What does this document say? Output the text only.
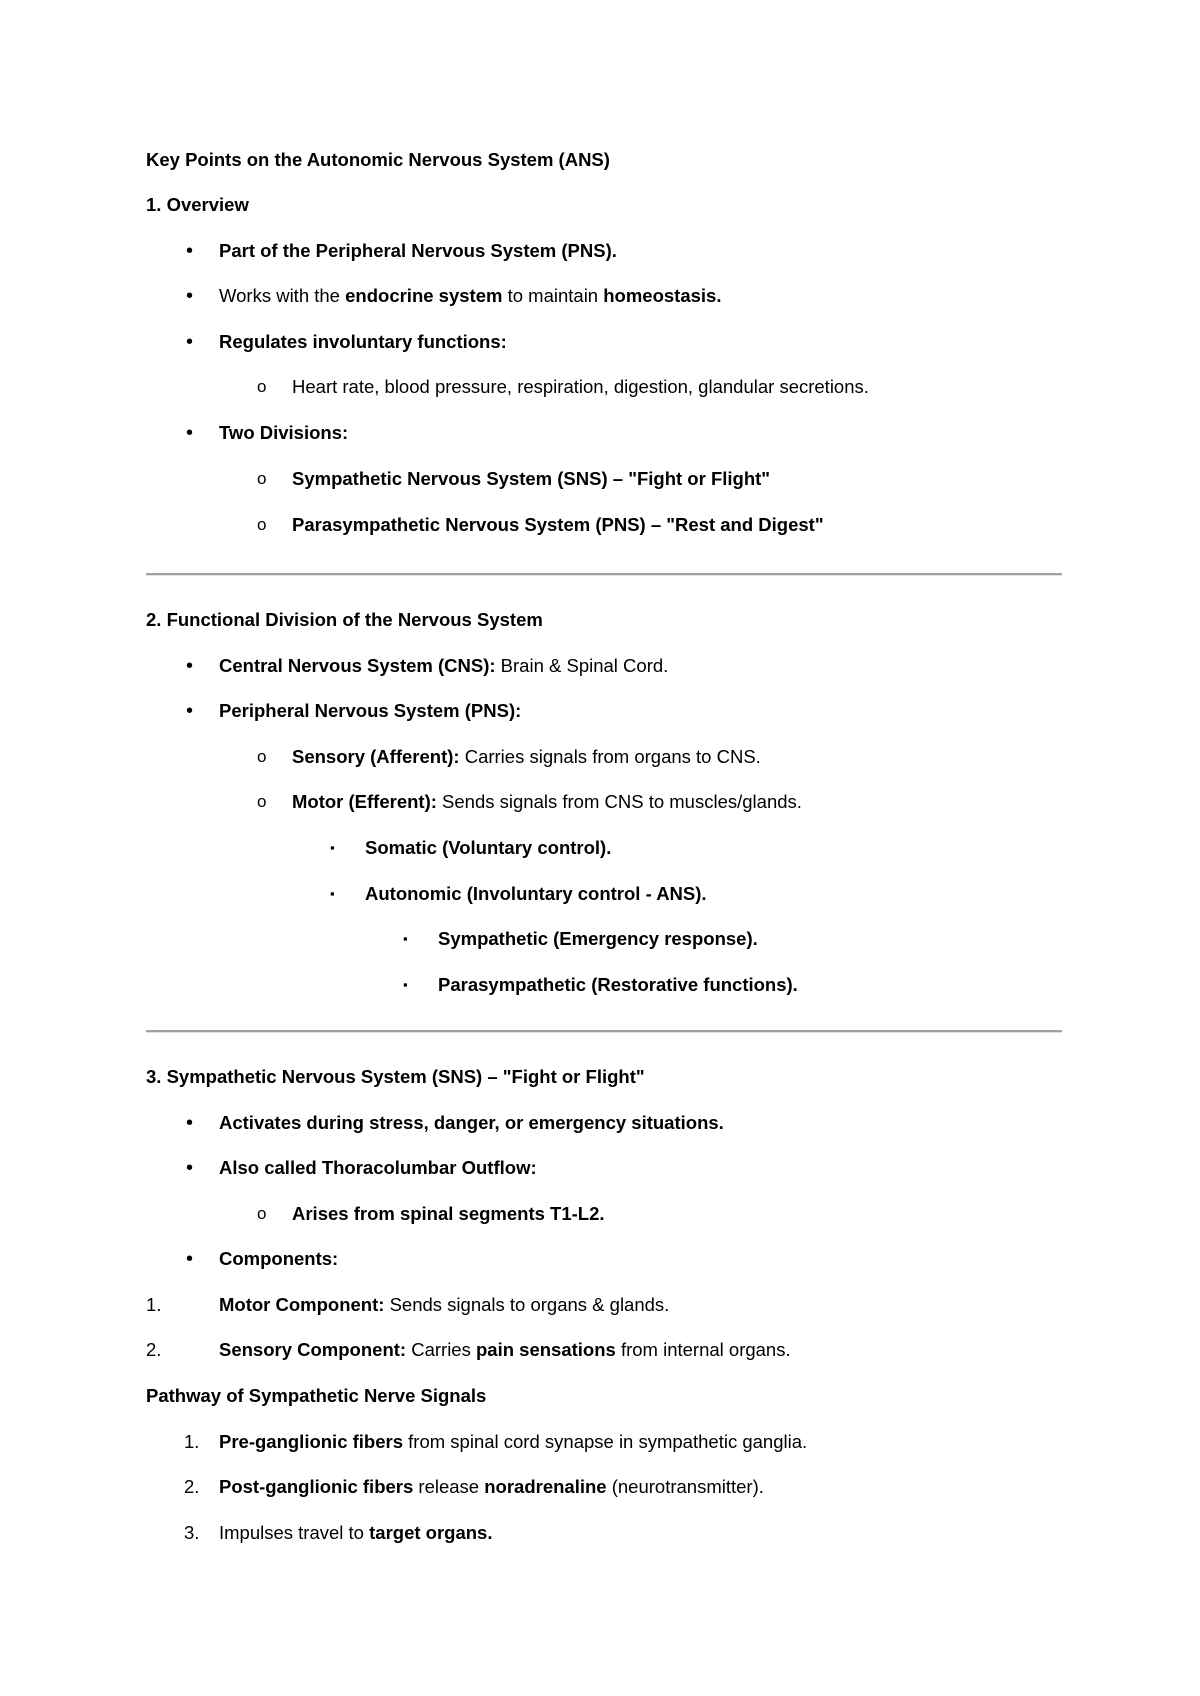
Key Points on the Autonomic Nervous System (ANS)
1. Overview
• Part of the Peripheral Nervous System (PNS).
• Works with the endocrine system to maintain homeostasis.
• Regulates involuntary functions:
o Heart rate, blood pressure, respiration, digestion, glandular secretions.
• Two Divisions:
o Sympathetic Nervous System (SNS) – "Fight or Flight"
o Parasympathetic Nervous System (PNS) – "Rest and Digest"
2. Functional Division of the Nervous System
• Central Nervous System (CNS): Brain & Spinal Cord.
• Peripheral Nervous System (PNS):
o Sensory (Afferent): Carries signals from organs to CNS.
o Motor (Efferent): Sends signals from CNS to muscles/glands.
▪ Somatic (Voluntary control).
▪ Autonomic (Involuntary control - ANS).
▪ Sympathetic (Emergency response).
▪ Parasympathetic (Restorative functions).
3. Sympathetic Nervous System (SNS) – "Fight or Flight"
• Activates during stress, danger, or emergency situations.
• Also called Thoracolumbar Outflow:
o Arises from spinal segments T1-L2.
• Components:
1.	Motor Component: Sends signals to organs & glands.
2.	Sensory Component: Carries pain sensations from internal organs.
Pathway of Sympathetic Nerve Signals
1. Pre-ganglionic fibers from spinal cord synapse in sympathetic ganglia.
2. Post-ganglionic fibers release noradrenaline (neurotransmitter).
3. Impulses travel to target organs.
